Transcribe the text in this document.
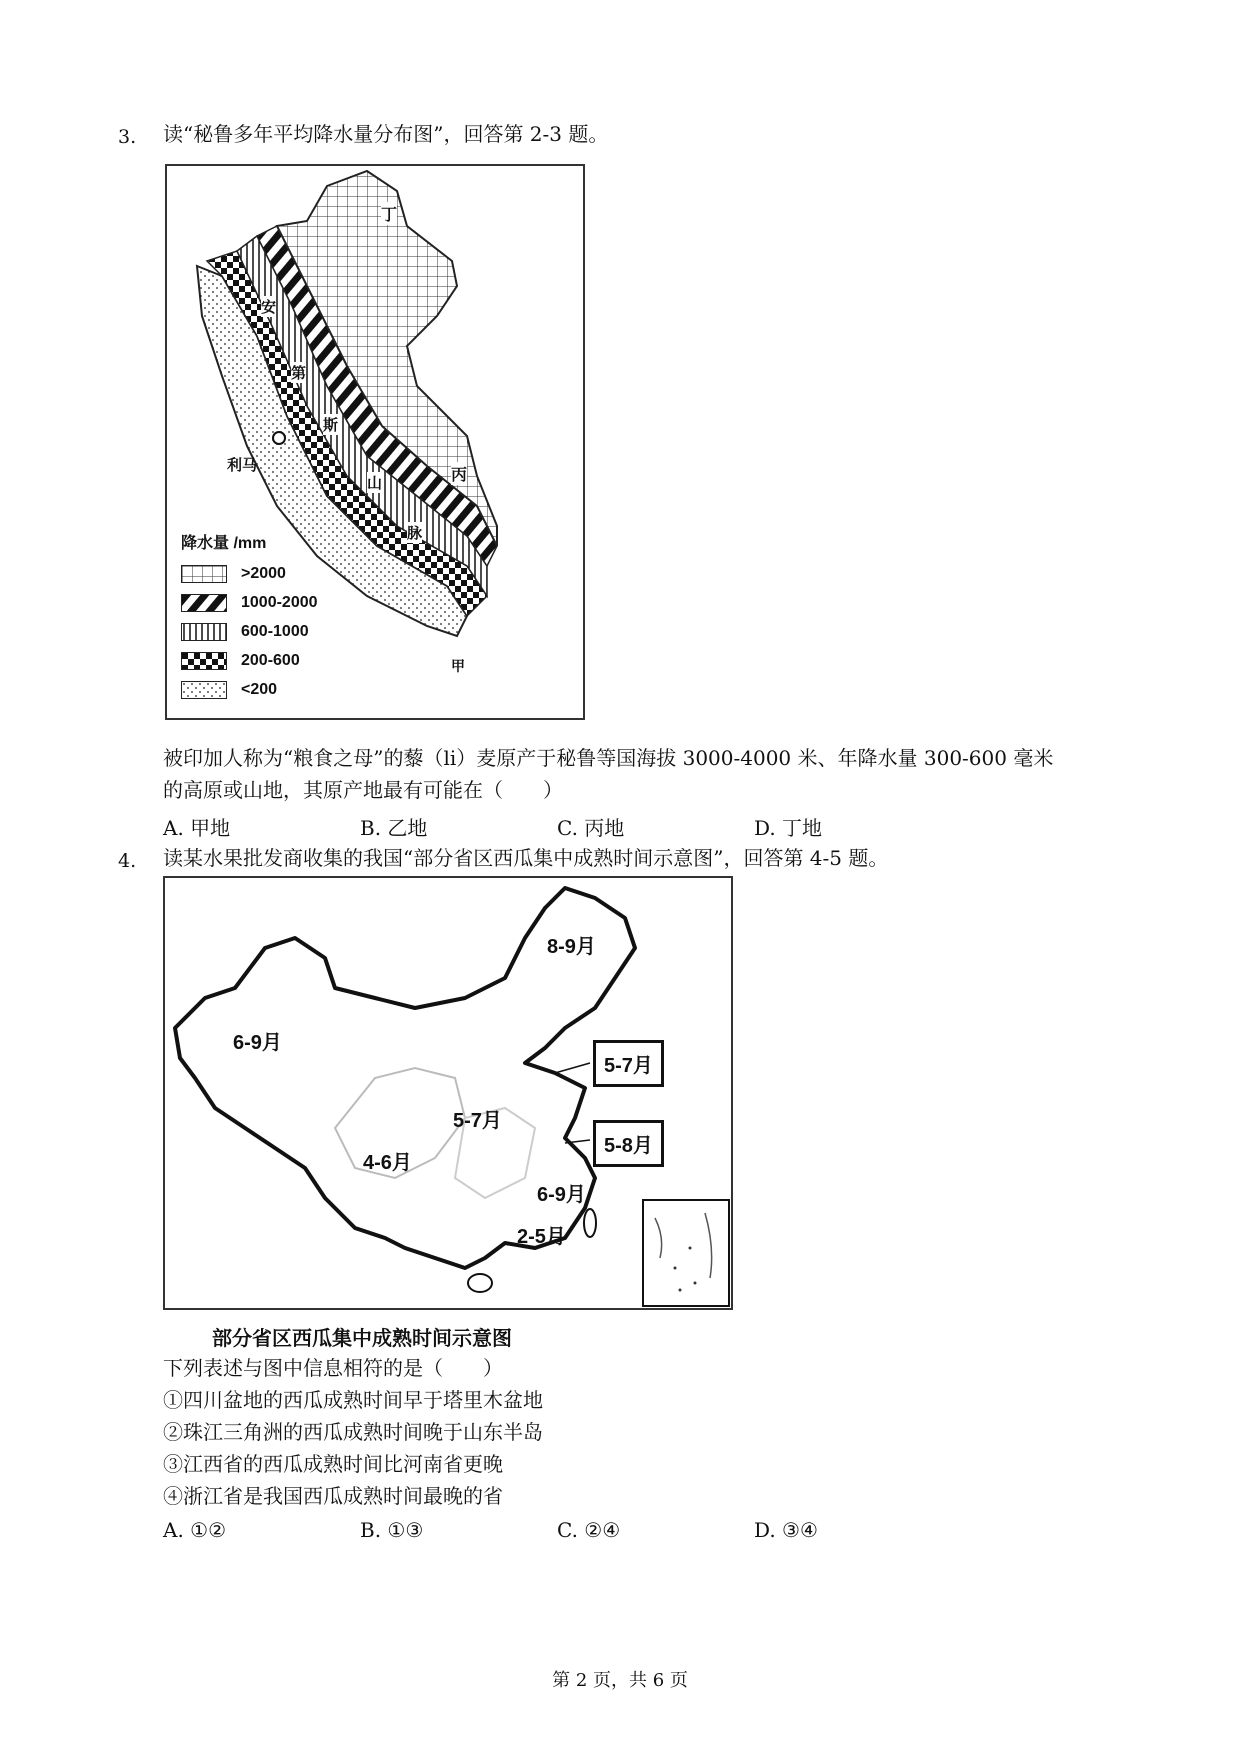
3. 读“秘鲁多年平均降水量分布图”，回答第 2-3 题。
丁
丙
甲
利马
安
第
斯
山
脉
降水量 /mm
>2000
1000-2000
600-1000
200-600
<200
被印加人称为“粮食之母”的藜（li）麦原产于秘鲁等国海拔 3000-4000 米、年降水量 300-600 毫米
的高原或山地，其原产地最有可能在（　　）
A. 甲地	B. 乙地	C. 丙地	D. 丁地
4. 读某水果批发商收集的我国“部分省区西瓜集中成熟时间示意图”，回答第 4-5 题。
8-9月
6-9月
5-7月
5-8月
5-7月
4-6月
6-9月
2-5月
部分省区西瓜集中成熟时间示意图
下列表述与图中信息相符的是（　　）
①四川盆地的西瓜成熟时间早于塔里木盆地
②珠江三角洲的西瓜成熟时间晚于山东半岛
③江西省的西瓜成熟时间比河南省更晚
④浙江省是我国西瓜成熟时间最晚的省
A. ①②	B. ①③	C. ②④	D. ③④
第 2 页，共 6 页
